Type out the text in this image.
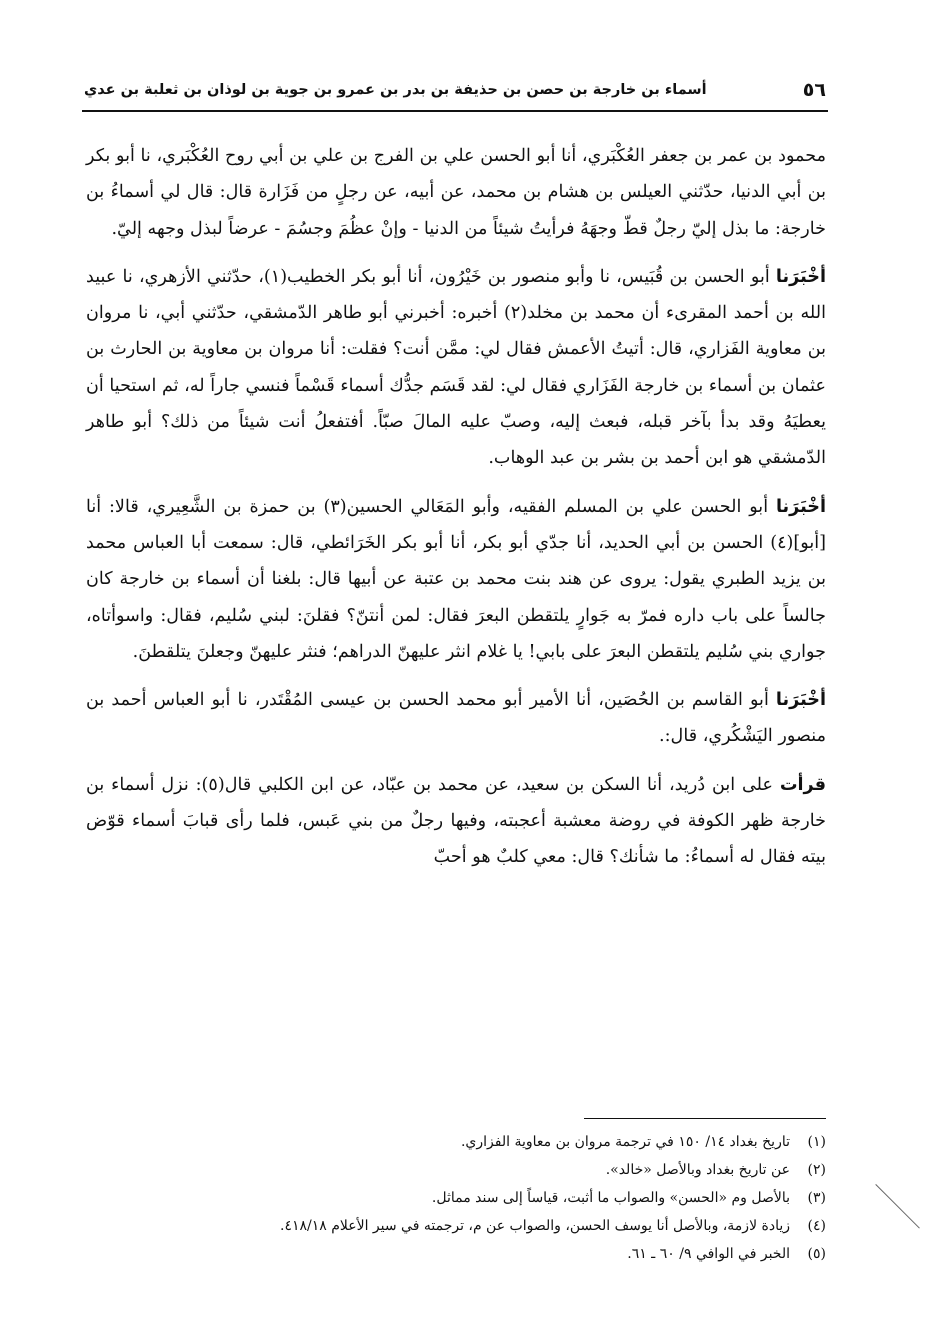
٥٦
أسماء بن خارجة بن حصن بن حذيفة بن بدر بن عمرو بن جوية بن لوذان بن ثعلبة بن عدي

محمود بن عمر بن جعفر العُكْبَري، أنا أبو الحسن علي بن الفرج بن علي بن أبي روح العُكْبَري، نا أبو بكر بن أبي الدنيا، حدّثني العيلس بن هشام بن محمد، عن أبيه، عن رجلٍ من فَزَارة قال: قال لي أسماءُ بن خارجة: ما بذل إليّ رجلٌ قطّ وجهَهُ فرأيتُ شيئاً من الدنيا - وإنْ عظُمَ وجسُمَ - عرضاً لبذل وجهه إليّ.

أخْبَرَنا أبو الحسن بن قُبَيس، نا وأبو منصور بن خَيْرُون، أنا أبو بكر الخطيب(١)، حدّثني الأزهري، نا عبيد الله بن أحمد المقرىء أن محمد بن مخلد(٢) أخبره: أخبرني أبو طاهر الدّمشقي، حدّثني أبي، نا مروان بن معاوية الفَزاري، قال: أتيتُ الأعمش فقال لي: ممَّن أنت؟ فقلت: أنا مروان بن معاوية بن الحارث بن عثمان بن أسماء بن خارجة الفَزَاري فقال لي: لقد قَسَم جدُّك أسماء قَسْماً فنسي جاراً له، ثم استحيا أن يعطيَهُ وقد بدأ بآخر قبله، فبعث إليه، وصبّ عليه المالَ صبّاً. أفتفعلُ أنت شيئاً من ذلك؟ أبو طاهر الدّمشقي هو ابن أحمد بن بشر بن عبد الوهاب.

أخْبَرَنا أبو الحسن علي بن المسلم الفقيه، وأبو المَعَالي الحسين(٣) بن حمزة بن الشَّعِيري، قالا: أنا [أبو](٤) الحسن بن أبي الحديد، أنا جدّي أبو بكر، أنا أبو بكر الخَرَائطي، قال: سمعت أبا العباس محمد بن يزيد الطبري يقول: يروى عن هند بنت محمد بن عتبة عن أبيها قال: بلغنا أن أسماء بن خارجة كان جالساً على باب داره فمرّ به جَوارٍ يلتقطن البعرَ فقال: لمن أنتنّ؟ فقلنَ: لبني سُليم، فقال: واسوأتاه، جواري بني سُليم يلتقطن البعرَ على بابي! يا غلام انثر عليهنّ الدراهم؛ فنثر عليهنّ وجعلنَ يتلقطنَ.

أخْبَرَنا أبو القاسم بن الحُصَين، أنا الأمير أبو محمد الحسن بن عيسى المُقْتَدر، نا أبو العباس أحمد بن منصور اليَشْكُري، قال:.

قرأت على ابن دُريد، أنا السكن بن سعيد، عن محمد بن عبّاد، عن ابن الكلبي قال(٥): نزل أسماء بن خارجة ظهر الكوفة في روضة معشبة أعجبته، وفيها رجلٌ من بني عَبس، فلما رأى قبابَ أسماء قوّض بيته فقال له أسماءُ: ما شأنك؟ قال: معي كلبٌ هو أحبّ

(١)
تاريخ بغداد ١٤/ ١٥٠ في ترجمة مروان بن معاوية الفزاري.
(٢)
عن تاريخ بغداد وبالأصل «خالد».
(٣)
بالأصل وم «الحسن» والصواب ما أثبت، قياساً إلى سند مماثل.
(٤)
زيادة لازمة، وبالأصل أنا يوسف الحسن، والصواب عن م، ترجمته في سير الأعلام ٤١٨/١٨.
(٥)
الخبر في الوافي ٩/ ٦٠ ـ ٦١.
